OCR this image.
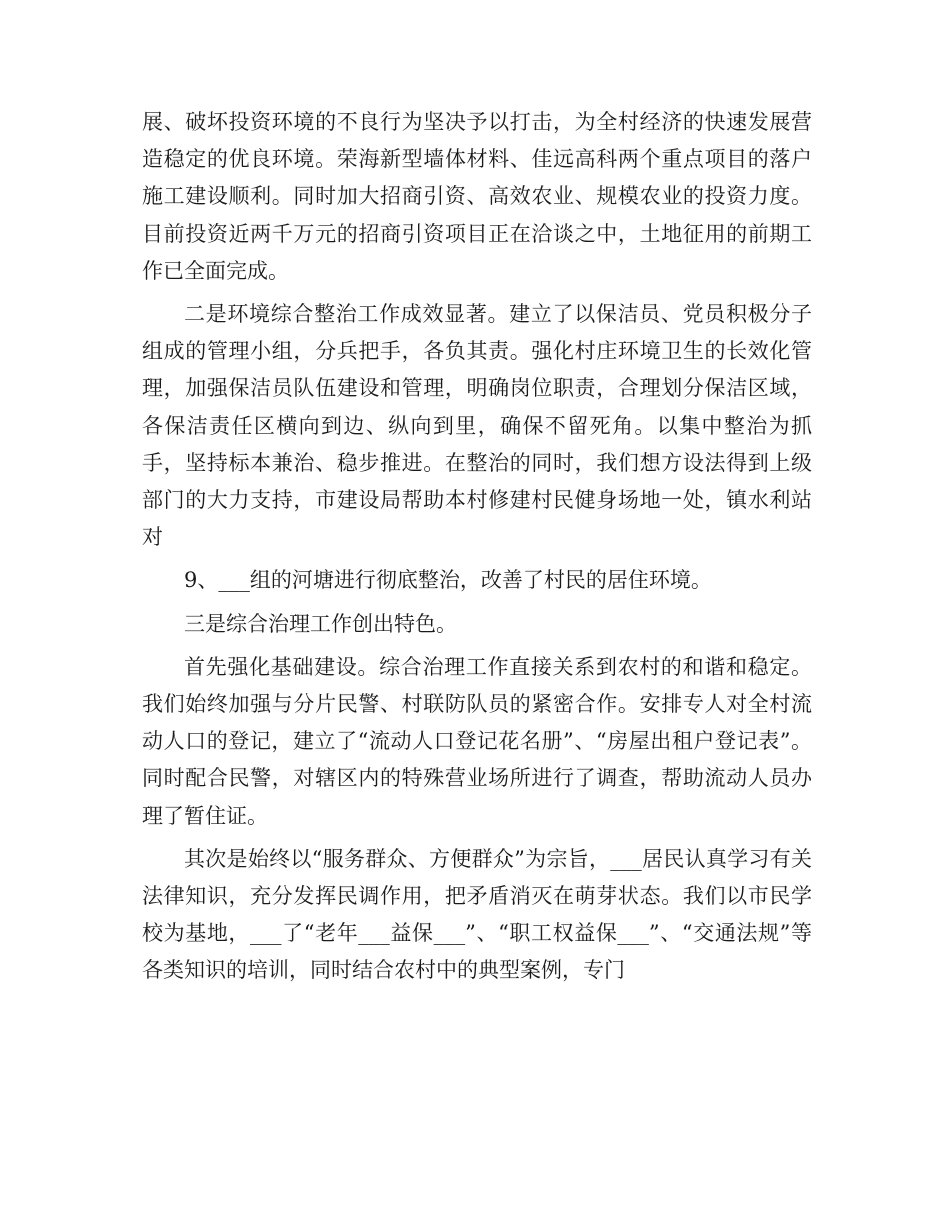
展、破坏投资环境的不良行为坚决予以打击，为全村经济的快速发展营造稳定的优良环境。荣海新型墙体材料、佳远高科两个重点项目的落户施工建设顺利。同时加大招商引资、高效农业、规模农业的投资力度。目前投资近两千万元的招商引资项目正在洽谈之中，土地征用的前期工作已全面完成。

二是环境综合整治工作成效显著。建立了以保洁员、党员积极分子组成的管理小组，分兵把手，各负其责。强化村庄环境卫生的长效化管理，加强保洁员队伍建设和管理，明确岗位职责，合理划分保洁区域，各保洁责任区横向到边、纵向到里，确保不留死角。以集中整治为抓手，坚持标本兼治、稳步推进。在整治的同时，我们想方设法得到上级部门的大力支持，市建设局帮助本村修建村民健身场地一处，镇水利站对

9、___组的河塘进行彻底整治，改善了村民的居住环境。

三是综合治理工作创出特色。

首先强化基础建设。综合治理工作直接关系到农村的和谐和稳定。我们始终加强与分片民警、村联防队员的紧密合作。安排专人对全村流动人口的登记，建立了“流动人口登记花名册”、“房屋出租户登记表”。同时配合民警，对辖区内的特殊营业场所进行了调查，帮助流动人员办理了暂住证。

其次是始终以“服务群众、方便群众”为宗旨，___居民认真学习有关法律知识，充分发挥民调作用，把矛盾消灭在萌芽状态。我们以市民学校为基地，___了“老年___益保___”、“职工权益保___”、“交通法规”等各类知识的培训，同时结合农村中的典型案例，专门
